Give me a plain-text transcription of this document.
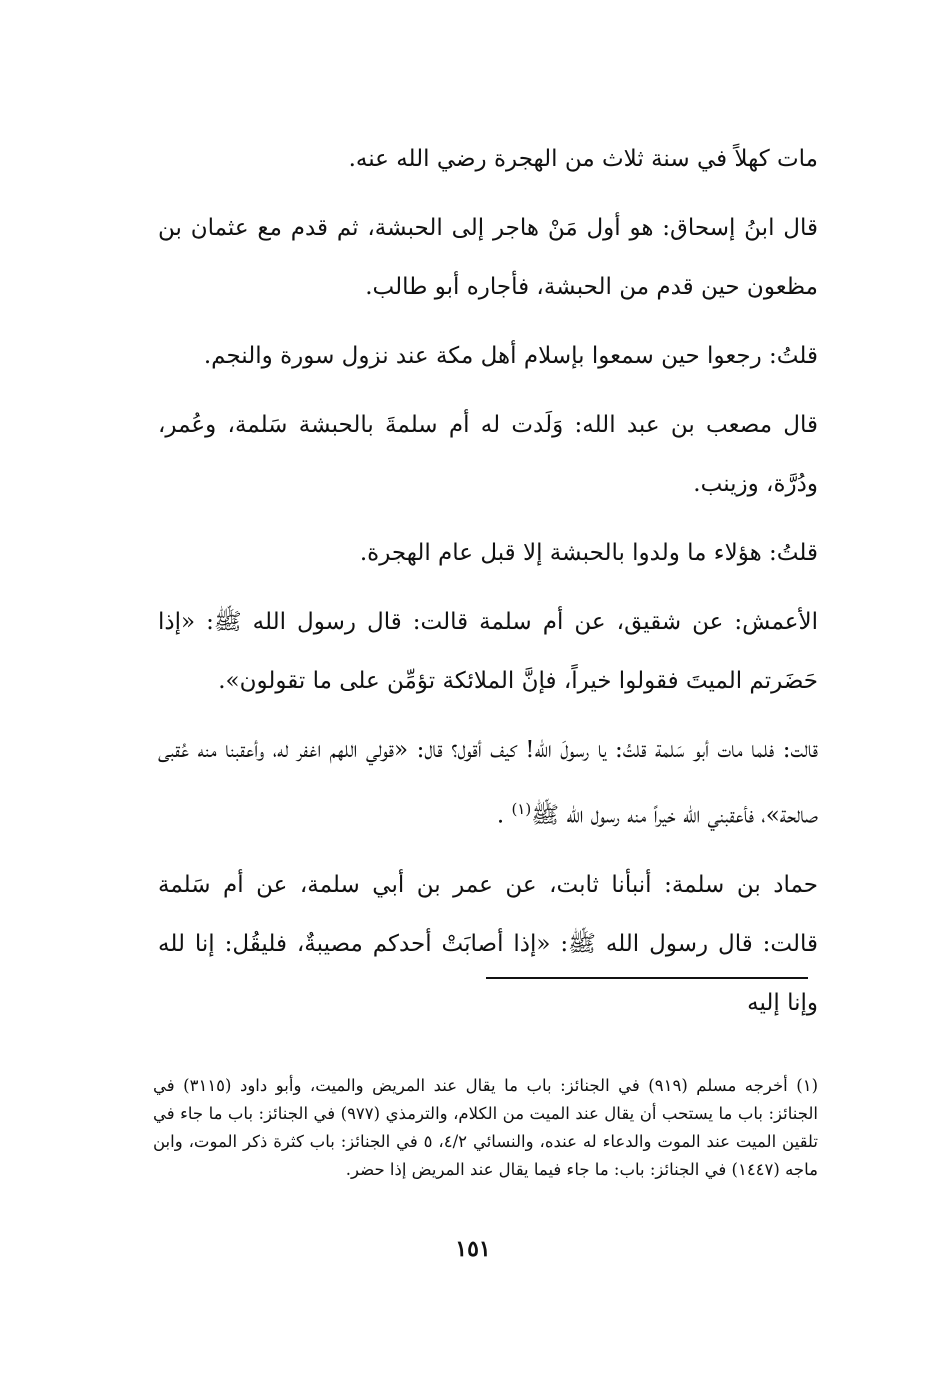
مات كهلاً في سنة ثلاث من الهجرة رضي الله عنه.

قال ابنُ إسحاق: هو أول مَنْ هاجر إلى الحبشة، ثم قدم مع عثمان بن مظعون حين قدم من الحبشة، فأجاره أبو طالب.

قلتُ: رجعوا حين سمعوا بإسلام أهل مكة عند نزول سورة والنجم.

قال مصعب بن عبد الله: وَلَدت له أم سلمةَ بالحبشة سَلمة، وعُمر، ودُرَّة، وزينب.

قلتُ: هؤلاء ما ولدوا بالحبشة إلا قبل عام الهجرة.

الأعمش: عن شقيق، عن أم سلمة قالت: قال رسول الله ﷺ: «إذا حَضَرتم الميتَ فقولوا خيراً، فإنَّ الملائكة تؤمِّن على ما تقولون».

قالت: فلما مات أبو سَلمة قلتُ: يا رسولَ الله! كيف أقول؟ قال: «قولي اللهم اغفر له، وأعقبنا منه عُقبى صالحة»، فأعقبني الله خيراً منه رسول الله ﷺ$^{(١)}$ .

حماد بن سلمة: أنبأنا ثابت، عن عمر بن أبي سلمة، عن أم سَلمة قالت: قال رسول الله ﷺ: «إذا أصابَتْ أحدكم مصيبةٌ، فليقُل: إنا لله وإنا إليه

(١) أخرجه مسلم (٩١٩) في الجنائز: باب ما يقال عند المريض والميت، وأبو داود (٣١١٥) في الجنائز: باب ما يستحب أن يقال عند الميت من الكلام، والترمذي (٩٧٧) في الجنائز: باب ما جاء في تلقين الميت عند الموت والدعاء له عنده، والنسائي ٤/٢، ٥ في الجنائز: باب كثرة ذكر الموت، وابن ماجه (١٤٤٧) في الجنائز: باب: ما جاء فيما يقال عند المريض إذا حضر.

١٥١
